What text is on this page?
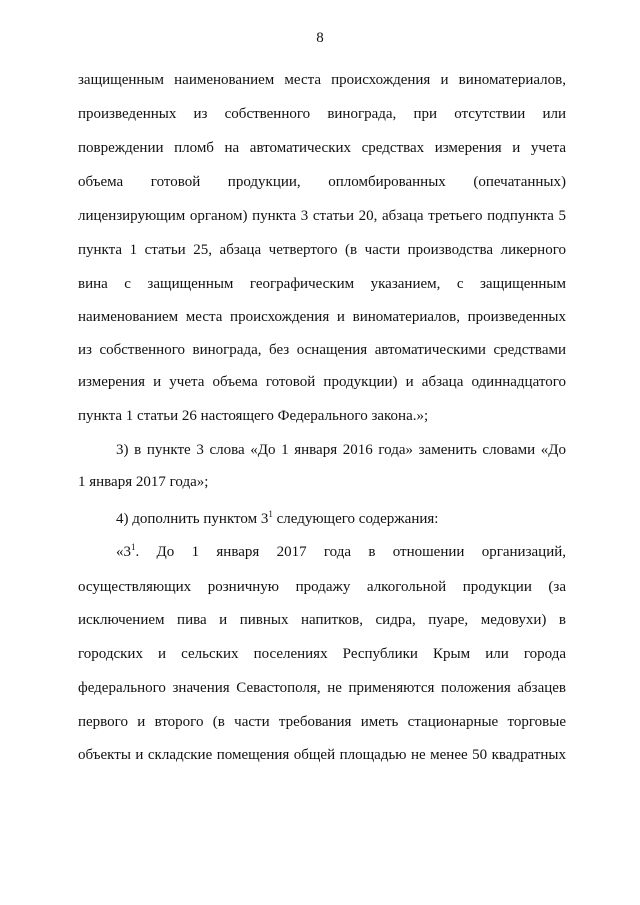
8
защищенным наименованием места происхождения и виноматериалов,
произведенных из собственного винограда, при отсутствии или
повреждении пломб на автоматических средствах измерения и учета
объема готовой продукции, опломбированных (опечатанных)
лицензирующим органом) пункта 3 статьи 20, абзаца третьего подпункта 5
пункта 1 статьи 25, абзаца четвертого (в части производства ликерного
вина с защищенным географическим указанием, с защищенным
наименованием места происхождения и виноматериалов, произведенных
из собственного винограда, без оснащения автоматическими средствами
измерения и учета объема готовой продукции) и абзаца одиннадцатого
пункта 1 статьи 26 настоящего Федерального закона.»;
3) в пункте 3 слова «До 1 января 2016 года» заменить словами «До
1 января 2017 года»;
4) дополнить пунктом $3^1$ следующего содержания:
«$3^1$. До 1 января 2017 года в отношении организаций,
осуществляющих розничную продажу алкогольной продукции (за
исключением пива и пивных напитков, сидра, пуаре, медовухи) в
городских и сельских поселениях Республики Крым или города
федерального значения Севастополя, не применяются положения абзацев
первого и второго (в части требования иметь стационарные торговые
объекты и складские помещения общей площадью не менее 50 квадратных
